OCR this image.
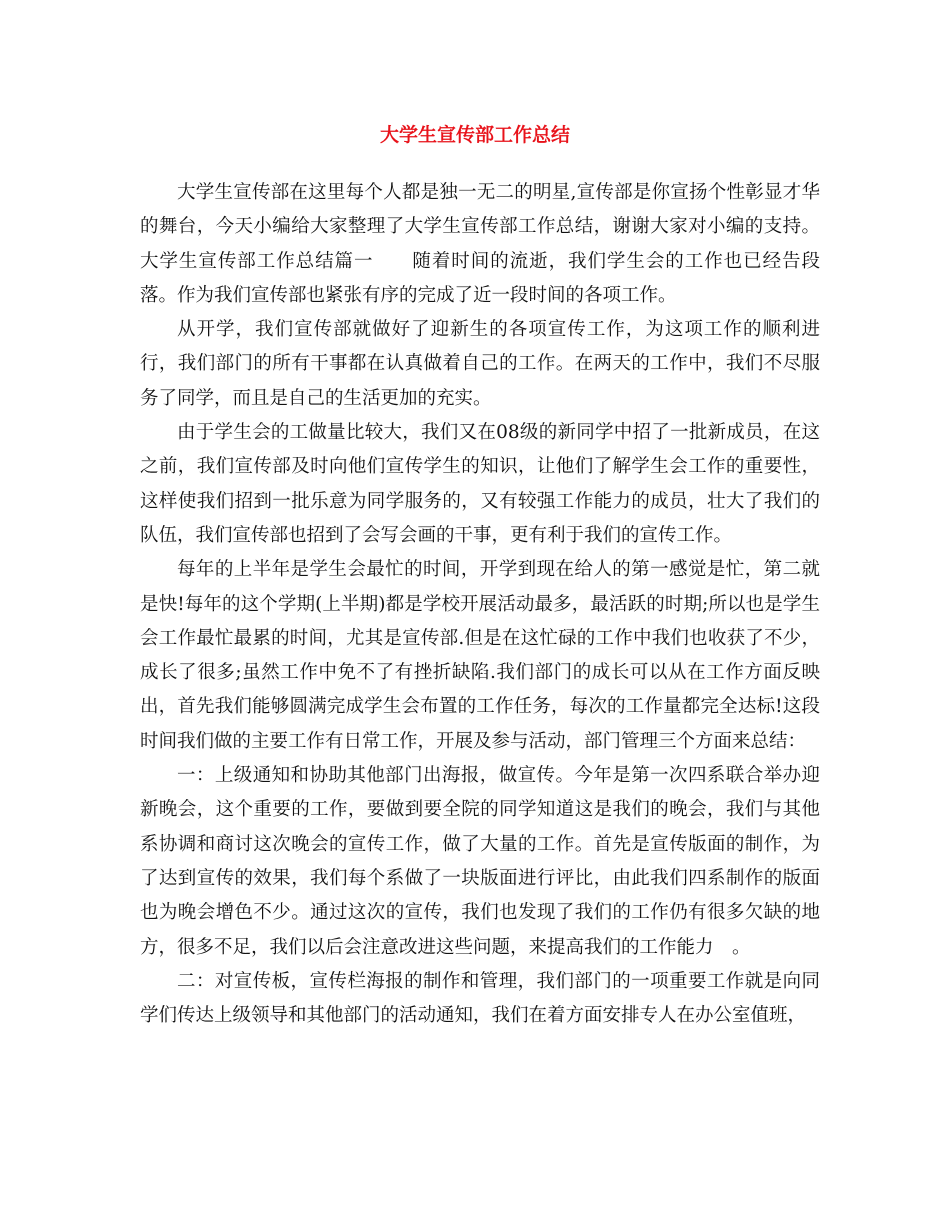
大学生宣传部工作总结

大学生宣传部在这里每个人都是独一无二的明星,宣传部是你宣扬个性彰显才华的舞台，今天小编给大家整理了大学生宣传部工作总结，谢谢大家对小编的支持。大学生宣传部工作总结篇一　　随着时间的流逝，我们学生会的工作也已经告段落。作为我们宣传部也紧张有序的完成了近一段时间的各项工作。

从开学，我们宣传部就做好了迎新生的各项宣传工作，为这项工作的顺利进行，我们部门的所有干事都在认真做着自己的工作。在两天的工作中，我们不尽服务了同学，而且是自己的生活更加的充实。

由于学生会的工做量比较大，我们又在08级的新同学中招了一批新成员，在这之前，我们宣传部及时向他们宣传学生的知识，让他们了解学生会工作的重要性，这样使我们招到一批乐意为同学服务的，又有较强工作能力的成员，壮大了我们的队伍，我们宣传部也招到了会写会画的干事，更有利于我们的宣传工作。

每年的上半年是学生会最忙的时间，开学到现在给人的第一感觉是忙，第二就是快!每年的这个学期(上半期)都是学校开展活动最多，最活跃的时期;所以也是学生会工作最忙最累的时间，尤其是宣传部.但是在这忙碌的工作中我们也收获了不少，成长了很多;虽然工作中免不了有挫折缺陷.我们部门的成长可以从在工作方面反映出，首先我们能够圆满完成学生会布置的工作任务，每次的工作量都完全达标!这段时间我们做的主要工作有日常工作，开展及参与活动，部门管理三个方面来总结：

一：上级通知和协助其他部门出海报，做宣传。今年是第一次四系联合举办迎新晚会，这个重要的工作，要做到要全院的同学知道这是我们的晚会，我们与其他系协调和商讨这次晚会的宣传工作，做了大量的工作。首先是宣传版面的制作，为了达到宣传的效果，我们每个系做了一块版面进行评比，由此我们四系制作的版面也为晚会增色不少。通过这次的宣传，我们也发现了我们的工作仍有很多欠缺的地方，很多不足，我们以后会注意改进这些问题，来提高我们的工作能力　。

二：对宣传板，宣传栏海报的制作和管理，我们部门的一项重要工作就是向同学们传达上级领导和其他部门的活动通知，我们在着方面安排专人在办公室值班，
